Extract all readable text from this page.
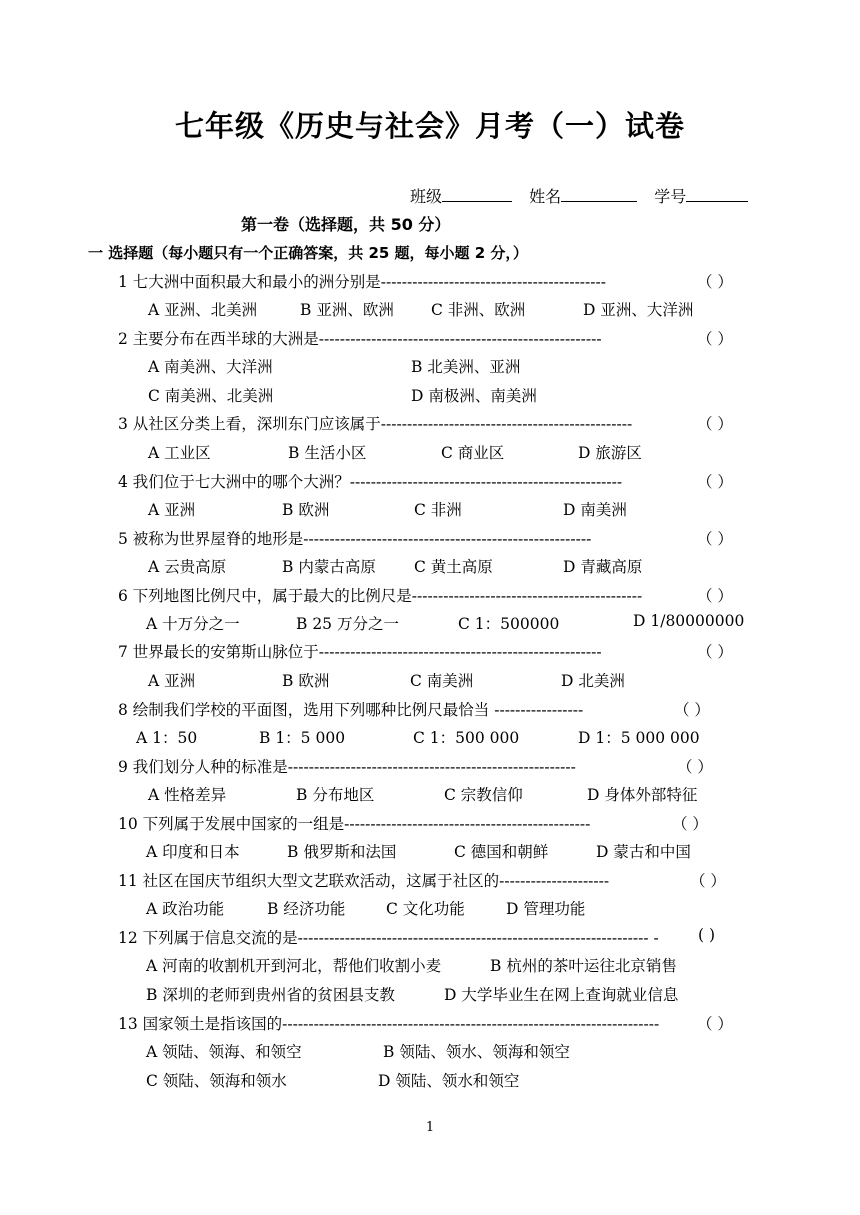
七年级《历史与社会》月考（一）试卷
班级	姓名	学号
第一卷（选择题，共 50 分）
一 选择题（每小题只有一个正确答案，共 25 题，每小题 2 分，）
1 七大洲中面积最大和最小的洲分别是-------------------------------------------	（ ）
A 亚洲、北美洲	B 亚洲、欧洲 C 非洲、欧洲	D 亚洲、大洋洲
2 主要分布在西半球的大洲是------------------------------------------------------	（ ）
A 南美洲、大洋洲	B 北美洲、亚洲
C 南美洲、北美洲	D 南极洲、南美洲
3 从社区分类上看，深圳东门应该属于------------------------------------------------	（ ）
A 工业区	B 生活小区	C 商业区	D 旅游区
4 我们位于七大洲中的哪个大洲？----------------------------------------------------	（ ）
A 亚洲	B 欧洲	C 非洲	D 南美洲
5 被称为世界屋脊的地形是-------------------------------------------------------	（ ）
A 云贵高原	B 内蒙古高原 C 黄土高原	D 青藏高原
6 下列地图比例尺中，属于最大的比例尺是--------------------------------------------	（ ）
A 十万分之一	B 25 万分之一	C 1：500000	D 1/80000000
7 世界最长的安第斯山脉位于------------------------------------------------------	（ ）
A 亚洲	B 欧洲	C 南美洲	D 北美洲
8 绘制我们学校的平面图，选用下列哪种比例尺最恰当 -----------------	（ ）
A 1：50	B 1：5 000	C 1：500 000	D 1：5 000 000
9 我们划分人种的标准是-------------------------------------------------------	（ ）
A 性格差异	B 分布地区	C 宗教信仰	D 身体外部特征
10 下列属于发展中国家的一组是-----------------------------------------------	（ ）
A 印度和日本	B 俄罗斯和法国	C 德国和朝鲜	D 蒙古和中国
11 社区在国庆节组织大型文艺联欢活动，这属于社区的---------------------	（ ）
A 政治功能	B 经济功能	C 文化功能	D 管理功能
12 下列属于信息交流的是------------------------------------------------------------------- -	( )
A 河南的收割机开到河北，帮他们收割小麦	B 杭州的茶叶运往北京销售
B 深圳的老师到贵州省的贫困县支教	D 大学毕业生在网上查询就业信息
13 国家领土是指该国的------------------------------------------------------------------------ （ ）
A 领陆、领海、和领空	B 领陆、领水、领海和领空
C 领陆、领海和领水	D 领陆、领水和领空
1
